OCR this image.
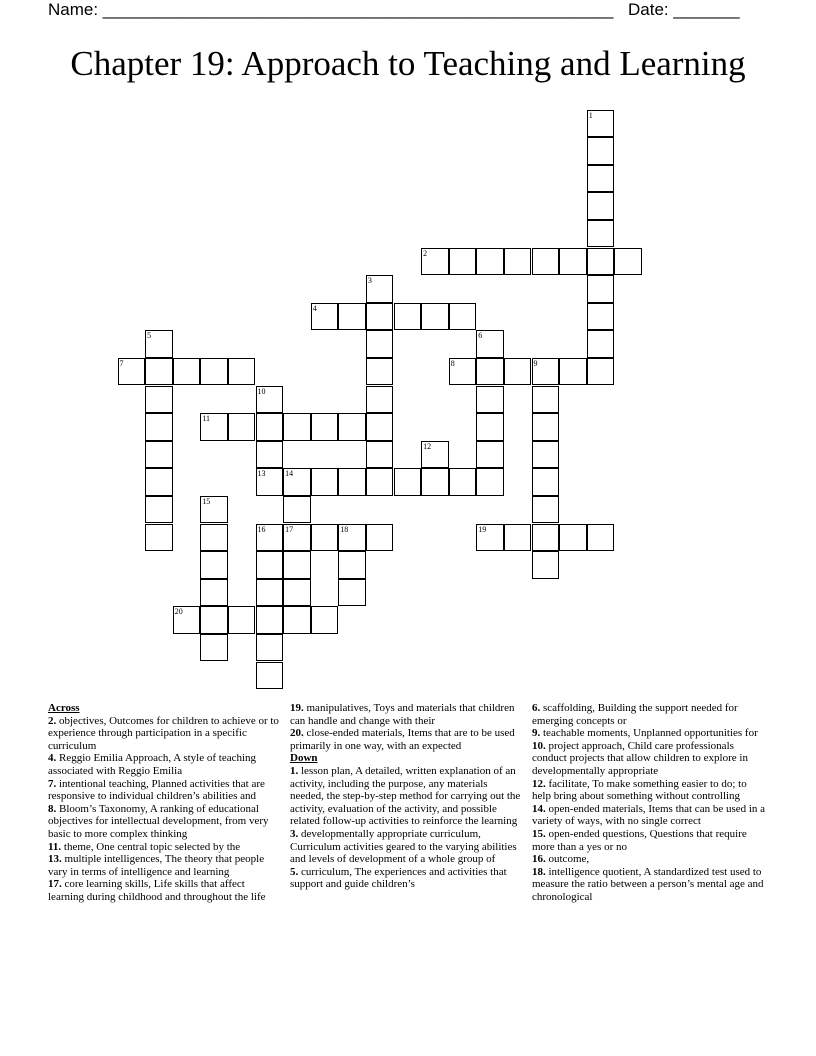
Name: ______________________________________________________ Date: _______
Chapter 19: Approach to Teaching and Learning
1
2
3
4
5	6
7	8	9
10
13
11
12
14
17
15
16	18	19
20
Across
2. objectives, Outcomes for children to achieve or to experience through participation in a specific curriculum
4. Reggio Emilia Approach, A style of teaching associated with Reggio Emilia
7. intentional teaching, Planned activities that are responsive to individual children’s abilities and
8. Bloom’s Taxonomy, A ranking of educational objectives for intellectual development, from very basic to more complex thinking
11. theme, One central topic selected by the
13. multiple intelligences, The theory that people vary in terms of intelligence and learning
17. core learning skills, Life skills that affect learning during childhood and throughout the life
19. manipulatives, Toys and materials that children can handle and change with their
20. close-ended materials, Items that are to be used primarily in one way, with an expected
Down
1. lesson plan, A detailed, written explanation of an activity, including the purpose, any materials needed, the step-by-step method for carrying out the activity, evaluation of the activity, and possible related follow-up activities to reinforce the learning
3. developmentally appropriate curriculum, Curriculum activities geared to the varying abilities and levels of development of a whole group of
5. curriculum, The experiences and activities that support and guide children’s
6. scaffolding, Building the support needed for emerging concepts or
9. teachable moments, Unplanned opportunities for
10. project approach, Child care professionals conduct projects that allow children to explore in developmentally appropriate
12. facilitate, To make something easier to do; to help bring about something without controlling
14. open-ended materials, Items that can be used in a variety of ways, with no single correct
15. open-ended questions, Questions that require more than a yes or no
16. outcome,
18. intelligence quotient, A standardized test used to measure the ratio between a person’s mental age and chronological
